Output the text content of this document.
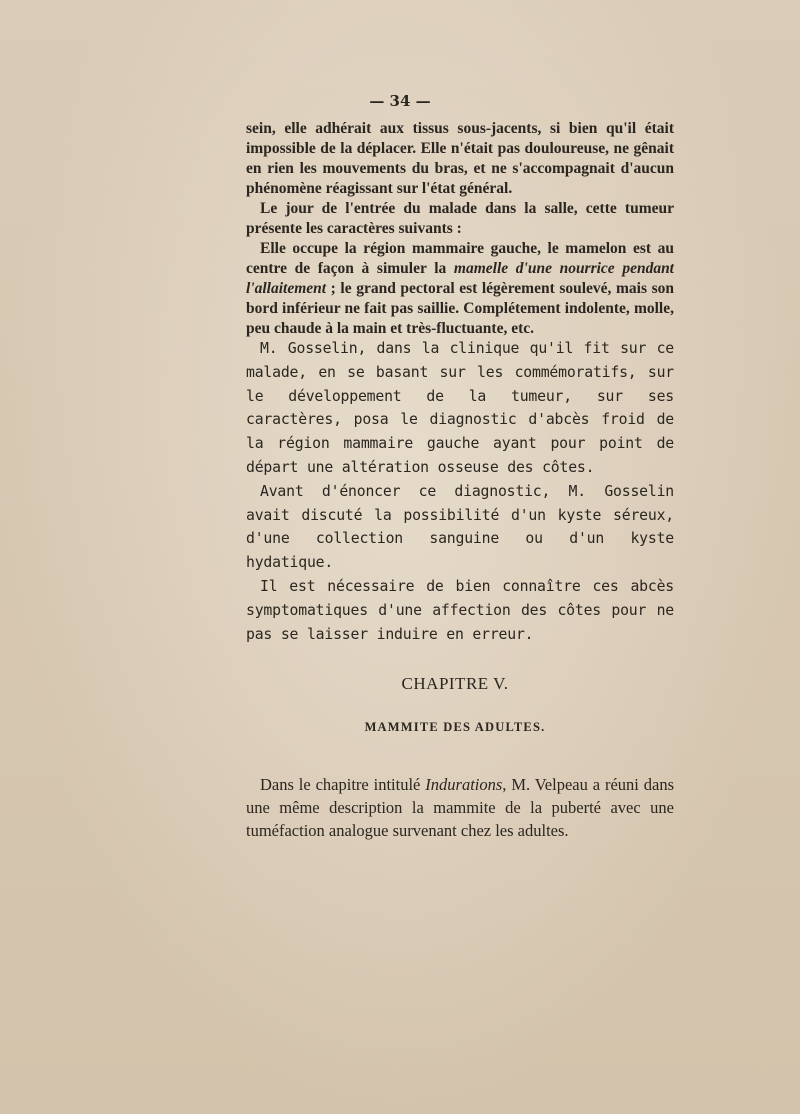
— 34 —

sein, elle adhérait aux tissus sous-jacents, si bien qu'il était impossible de la déplacer. Elle n'était pas douloureuse, ne gênait en rien les mouvements du bras, et ne s'accompagnait d'aucun phénomène réagissant sur l'état général.

Le jour de l'entrée du malade dans la salle, cette tumeur présente les caractères suivants :

Elle occupe la région mammaire gauche, le mamelon est au centre de façon à simuler la mamelle d'une nourrice pendant l'allaitement ; le grand pectoral est légèrement soulevé, mais son bord inférieur ne fait pas saillie. Complétement indolente, molle, peu chaude à la main et très-fluctuante, etc.

M. Gosselin, dans la clinique qu'il fit sur ce malade, en se basant sur les commémoratifs, sur le développement de la tumeur, sur ses caractères, posa le diagnostic d'abcès froid de la région mammaire gauche ayant pour point de départ une altération osseuse des côtes.

Avant d'énoncer ce diagnostic, M. Gosselin avait discuté la possibilité d'un kyste séreux, d'une collection sanguine ou d'un kyste hydatique.

Il est nécessaire de bien connaître ces abcès symptomatiques d'une affection des côtes pour ne pas se laisser induire en erreur.

CHAPITRE V.
MAMMITE DES ADULTES.

Dans le chapitre intitulé Indurations, M. Velpeau a réuni dans une même description la mammite de la puberté avec une tuméfaction analogue survenant chez les adultes.
